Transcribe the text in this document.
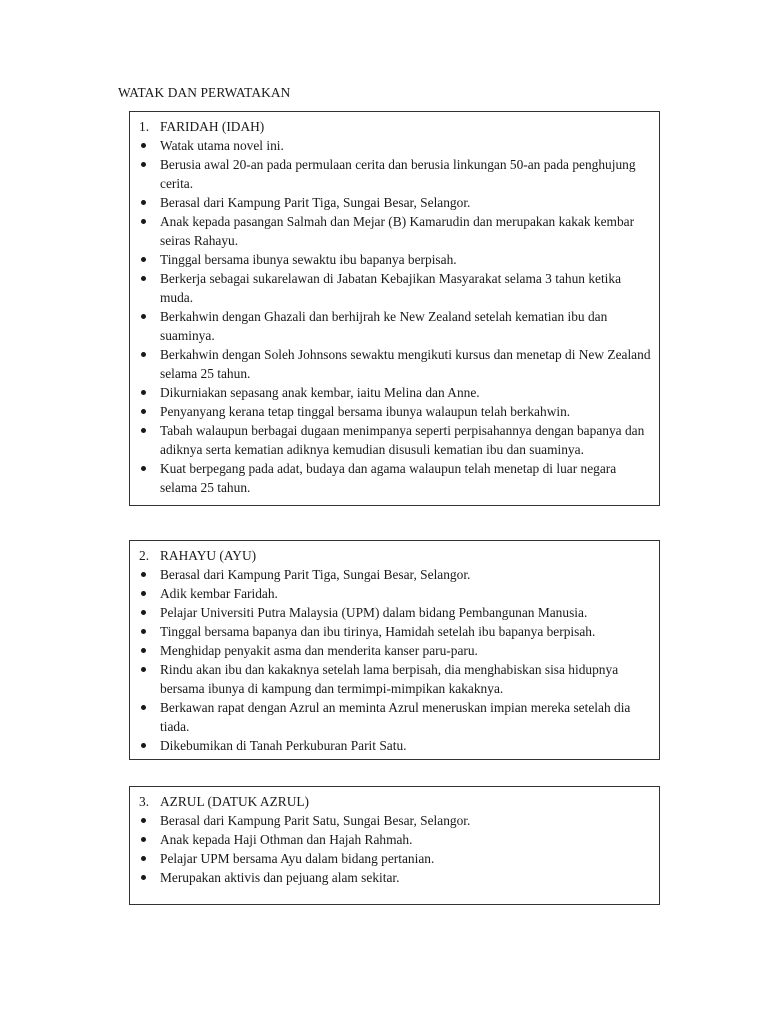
WATAK DAN PERWATAKAN
1. FARIDAH (IDAH)
Watak utama novel ini.
Berusia awal 20-an pada permulaan cerita dan berusia linkungan 50-an pada penghujung cerita.
Berasal dari Kampung Parit Tiga, Sungai Besar, Selangor.
Anak kepada pasangan Salmah dan Mejar (B) Kamarudin dan merupakan kakak kembar seiras Rahayu.
Tinggal bersama ibunya sewaktu ibu bapanya berpisah.
Berkerja sebagai sukarelawan di Jabatan Kebajikan Masyarakat selama 3 tahun ketika muda.
Berkahwin dengan Ghazali dan berhijrah ke New Zealand setelah kematian ibu dan suaminya.
Berkahwin dengan Soleh Johnsons sewaktu mengikuti kursus dan menetap di New Zealand selama 25 tahun.
Dikurniakan sepasang anak kembar, iaitu Melina dan Anne.
Penyanyang kerana tetap tinggal bersama ibunya walaupun telah berkahwin.
Tabah walaupun berbagai dugaan menimpanya seperti perpisahannya dengan bapanya dan adiknya serta kematian adiknya kemudian disusuli kematian ibu dan suaminya.
Kuat berpegang pada adat, budaya dan agama walaupun telah menetap di luar negara selama 25 tahun.
2. RAHAYU (AYU)
Berasal dari Kampung Parit Tiga, Sungai Besar, Selangor.
Adik kembar Faridah.
Pelajar Universiti Putra Malaysia (UPM) dalam bidang Pembangunan Manusia.
Tinggal bersama bapanya dan ibu tirinya, Hamidah setelah ibu bapanya berpisah.
Menghidap penyakit asma dan menderita kanser paru-paru.
Rindu akan ibu dan kakaknya setelah lama berpisah, dia menghabiskan sisa hidupnya bersama ibunya di kampung dan termimpi-mimpikan kakaknya.
Berkawan rapat dengan Azrul an meminta Azrul meneruskan impian mereka setelah dia tiada.
Dikebumikan di Tanah Perkuburan Parit Satu.
3. AZRUL (DATUK AZRUL)
Berasal dari Kampung Parit Satu, Sungai Besar, Selangor.
Anak kepada Haji Othman dan Hajah Rahmah.
Pelajar UPM bersama Ayu dalam bidang pertanian.
Merupakan aktivis dan pejuang alam sekitar.
